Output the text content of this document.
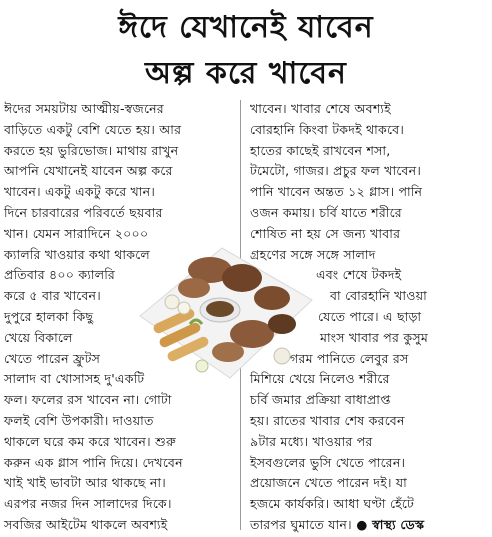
ঈদে যেখানেই যাবেন
অল্প করে খাবেন
ঈদের সময়টায় আত্মীয়-স্বজনের
বাড়িতে একটু বেশি যেতে হয়। আর
করতে হয় ভুরিভোজ। মাথায় রাখুন
আপনি যেখানেই যাবেন অল্প করে
খাবেন। একটু একটু করে খান।
দিনে চারবারের পরিবর্তে ছয়বার
খান। যেমন সারাদিনে ২০০০
ক্যালরি খাওয়ার কথা থাকলে
প্রতিবার ৪০০ ক্যালরি
করে ৫ বার খাবেন।
দুপুরে হালকা কিছু
খেয়ে বিকালে
খেতে পারেন ফ্রুটস
সালাদ বা খোসাসহ দু'একটি
ফল। ফলের রস খাবেন না। গোটা
ফলই বেশি উপকারী। দাওয়াত
থাকলে ঘরে কম করে খাবেন। শুরু
করুন এক গ্লাস পানি দিয়ে। দেখবেন
খাই খাই ভাবটা আর থাকছে না।
এরপর নজর দিন সালাদের দিকে।
সবজির আইটেম থাকলে অবশ্যই
খাবেন। খাবার শেষে অবশ্যই
বোরহানি কিংবা টকদই থাকবে।
হাতের কাছেই রাখবেন শসা,
টমেটো, গাজর। প্রচুর ফল খাবেন।
পানি খাবেন অন্তত ১২ গ্লাস। পানি
ওজন কমায়। চর্বি যাতে শরীরে
শোষিত না হয় সে জন্য খাবার
গ্রহণের সঙ্গে সঙ্গে সালাদ
এবং শেষে টকদই
বা বোরহানি খাওয়া
যেতে পারে। এ ছাড়া
মাংস খাবার পর কুসুম
গরম পানিতে লেবুর রস
মিশিয়ে খেয়ে নিলেও শরীরে
চর্বি জমার প্রক্রিয়া বাধাপ্রাপ্ত
হয়। রাতের খাবার শেষ করবেন
৯টার মধ্যে। খাওয়ার পর
ইসবগুলের ভুসি খেতে পারেন।
প্রয়োজনে খেতে পারেন দই। যা
হজমে কার্যকরি। আধা ঘণ্টা হেঁটে
তারপর ঘুমাতে যান। ● স্বাস্থ্য ডেস্ক
